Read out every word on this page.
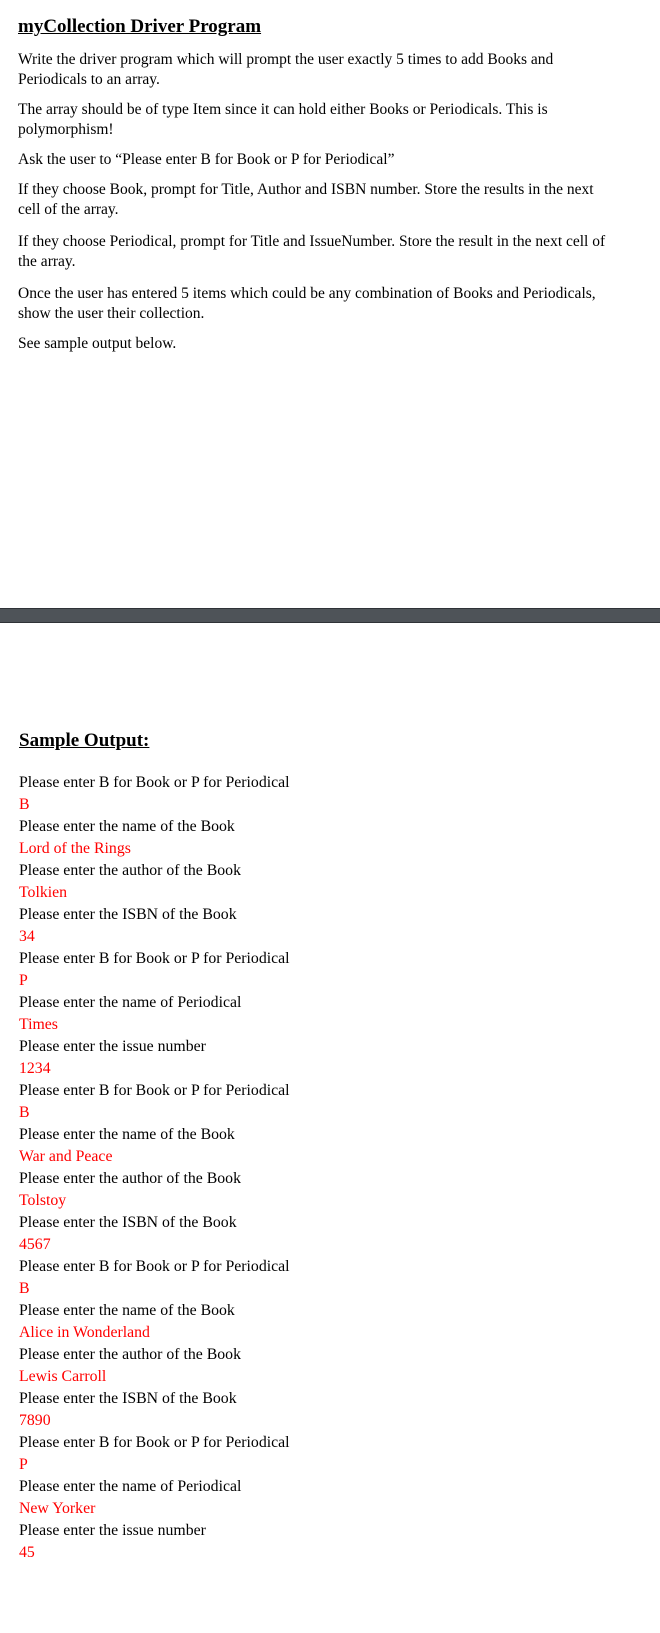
myCollection Driver Program

Write the driver program which will prompt the user exactly 5 times to add Books and Periodicals to an array.

The array should be of type Item since it can hold either Books or Periodicals. This is polymorphism!

Ask the user to “Please enter B for Book or P for Periodical”

If they choose Book, prompt for Title, Author and ISBN number. Store the results in the next cell of the array.

If they choose Periodical, prompt for Title and IssueNumber. Store the result in the next cell of the array.

Once the user has entered 5 items which could be any combination of Books and Periodicals, show the user their collection.

See sample output below.

Sample Output:
Please enter B for Book or P for Periodical
B
Please enter the name of the Book
Lord of the Rings
Please enter the author of the Book
Tolkien
Please enter the ISBN of the Book
34
Please enter B for Book or P for Periodical
P
Please enter the name of Periodical
Times
Please enter the issue number
1234
Please enter B for Book or P for Periodical
B
Please enter the name of the Book
War and Peace
Please enter the author of the Book
Tolstoy
Please enter the ISBN of the Book
4567
Please enter B for Book or P for Periodical
B
Please enter the name of the Book
Alice in Wonderland
Please enter the author of the Book
Lewis Carroll
Please enter the ISBN of the Book
7890
Please enter B for Book or P for Periodical
P
Please enter the name of Periodical
New Yorker
Please enter the issue number
45
